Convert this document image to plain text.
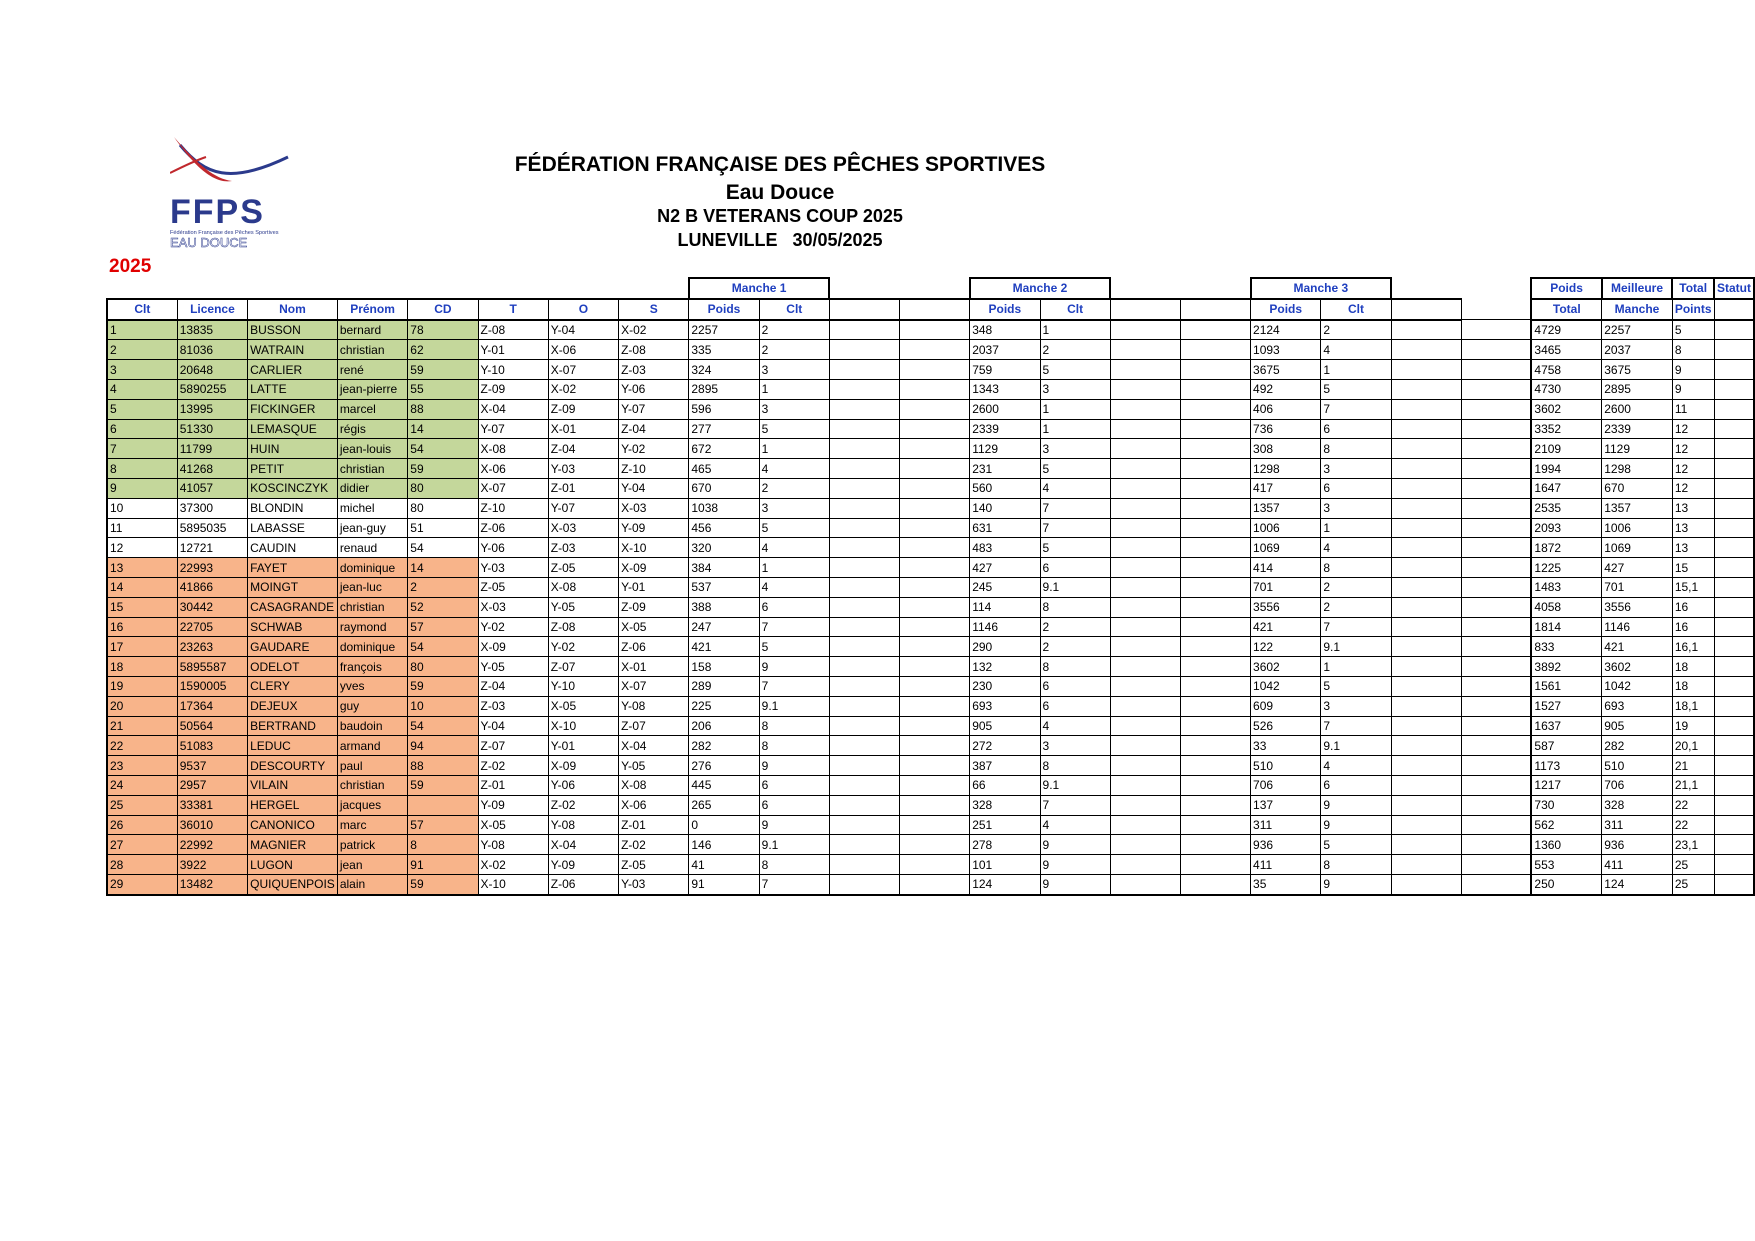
FFPS
Fédération Française des Pêches Sportives
EAU DOUCE
FÉDÉRATION FRANÇAISE DES PÊCHES SPORTIVES
Eau Douce
N2 B VETERANS COUP 2025
LUNEVILLE   30/05/2025
2025
								Manche 1				Manche 2				Manche 3				Poids	Meilleure	Total	Statut
Clt	Licence	Nom	Prénom	CD	T	O	S	Poids	Clt			Poids	Clt			Poids	Clt			Total	Manche	Points	
1	13835	BUSSON	bernard	78	Z-08	Y-04	X-02	2257	2			348	1			2124	2			4729	2257	5	
2	81036	WATRAIN	christian	62	Y-01	X-06	Z-08	335	2			2037	2			1093	4			3465	2037	8	
3	20648	CARLIER	rené	59	Y-10	X-07	Z-03	324	3			759	5			3675	1			4758	3675	9	
4	5890255	LATTE	jean-pierre	55	Z-09	X-02	Y-06	2895	1			1343	3			492	5			4730	2895	9	
5	13995	FICKINGER	marcel	88	X-04	Z-09	Y-07	596	3			2600	1			406	7			3602	2600	11	
6	51330	LEMASQUE	régis	14	Y-07	X-01	Z-04	277	5			2339	1			736	6			3352	2339	12	
7	11799	HUIN	jean-louis	54	X-08	Z-04	Y-02	672	1			1129	3			308	8			2109	1129	12	
8	41268	PETIT	christian	59	X-06	Y-03	Z-10	465	4			231	5			1298	3			1994	1298	12	
9	41057	KOSCINCZYK	didier	80	X-07	Z-01	Y-04	670	2			560	4			417	6			1647	670	12	
10	37300	BLONDIN	michel	80	Z-10	Y-07	X-03	1038	3			140	7			1357	3			2535	1357	13	
11	5895035	LABASSE	jean-guy	51	Z-06	X-03	Y-09	456	5			631	7			1006	1			2093	1006	13	
12	12721	CAUDIN	renaud	54	Y-06	Z-03	X-10	320	4			483	5			1069	4			1872	1069	13	
13	22993	FAYET	dominique	14	Y-03	Z-05	X-09	384	1			427	6			414	8			1225	427	15	
14	41866	MOINGT	jean-luc	2	Z-05	X-08	Y-01	537	4			245	9.1			701	2			1483	701	15,1	
15	30442	CASAGRANDE	christian	52	X-03	Y-05	Z-09	388	6			114	8			3556	2			4058	3556	16	
16	22705	SCHWAB	raymond	57	Y-02	Z-08	X-05	247	7			1146	2			421	7			1814	1146	16	
17	23263	GAUDARE	dominique	54	X-09	Y-02	Z-06	421	5			290	2			122	9.1			833	421	16,1	
18	5895587	ODELOT	françois	80	Y-05	Z-07	X-01	158	9			132	8			3602	1			3892	3602	18	
19	1590005	CLERY	yves	59	Z-04	Y-10	X-07	289	7			230	6			1042	5			1561	1042	18	
20	17364	DEJEUX	guy	10	Z-03	X-05	Y-08	225	9.1			693	6			609	3			1527	693	18,1	
21	50564	BERTRAND	baudoin	54	Y-04	X-10	Z-07	206	8			905	4			526	7			1637	905	19	
22	51083	LEDUC	armand	94	Z-07	Y-01	X-04	282	8			272	3			33	9.1			587	282	20,1	
23	9537	DESCOURTY	paul	88	Z-02	X-09	Y-05	276	9			387	8			510	4			1173	510	21	
24	2957	VILAIN	christian	59	Z-01	Y-06	X-08	445	6			66	9.1			706	6			1217	706	21,1	
25	33381	HERGEL	jacques		Y-09	Z-02	X-06	265	6			328	7			137	9			730	328	22	
26	36010	CANONICO	marc	57	X-05	Y-08	Z-01	0	9			251	4			311	9			562	311	22	
27	22992	MAGNIER	patrick	8	Y-08	X-04	Z-02	146	9.1			278	9			936	5			1360	936	23,1	
28	3922	LUGON	jean	91	X-02	Y-09	Z-05	41	8			101	9			411	8			553	411	25	
29	13482	QUIQUENPOIS	alain	59	X-10	Z-06	Y-03	91	7			124	9			35	9			250	124	25	
